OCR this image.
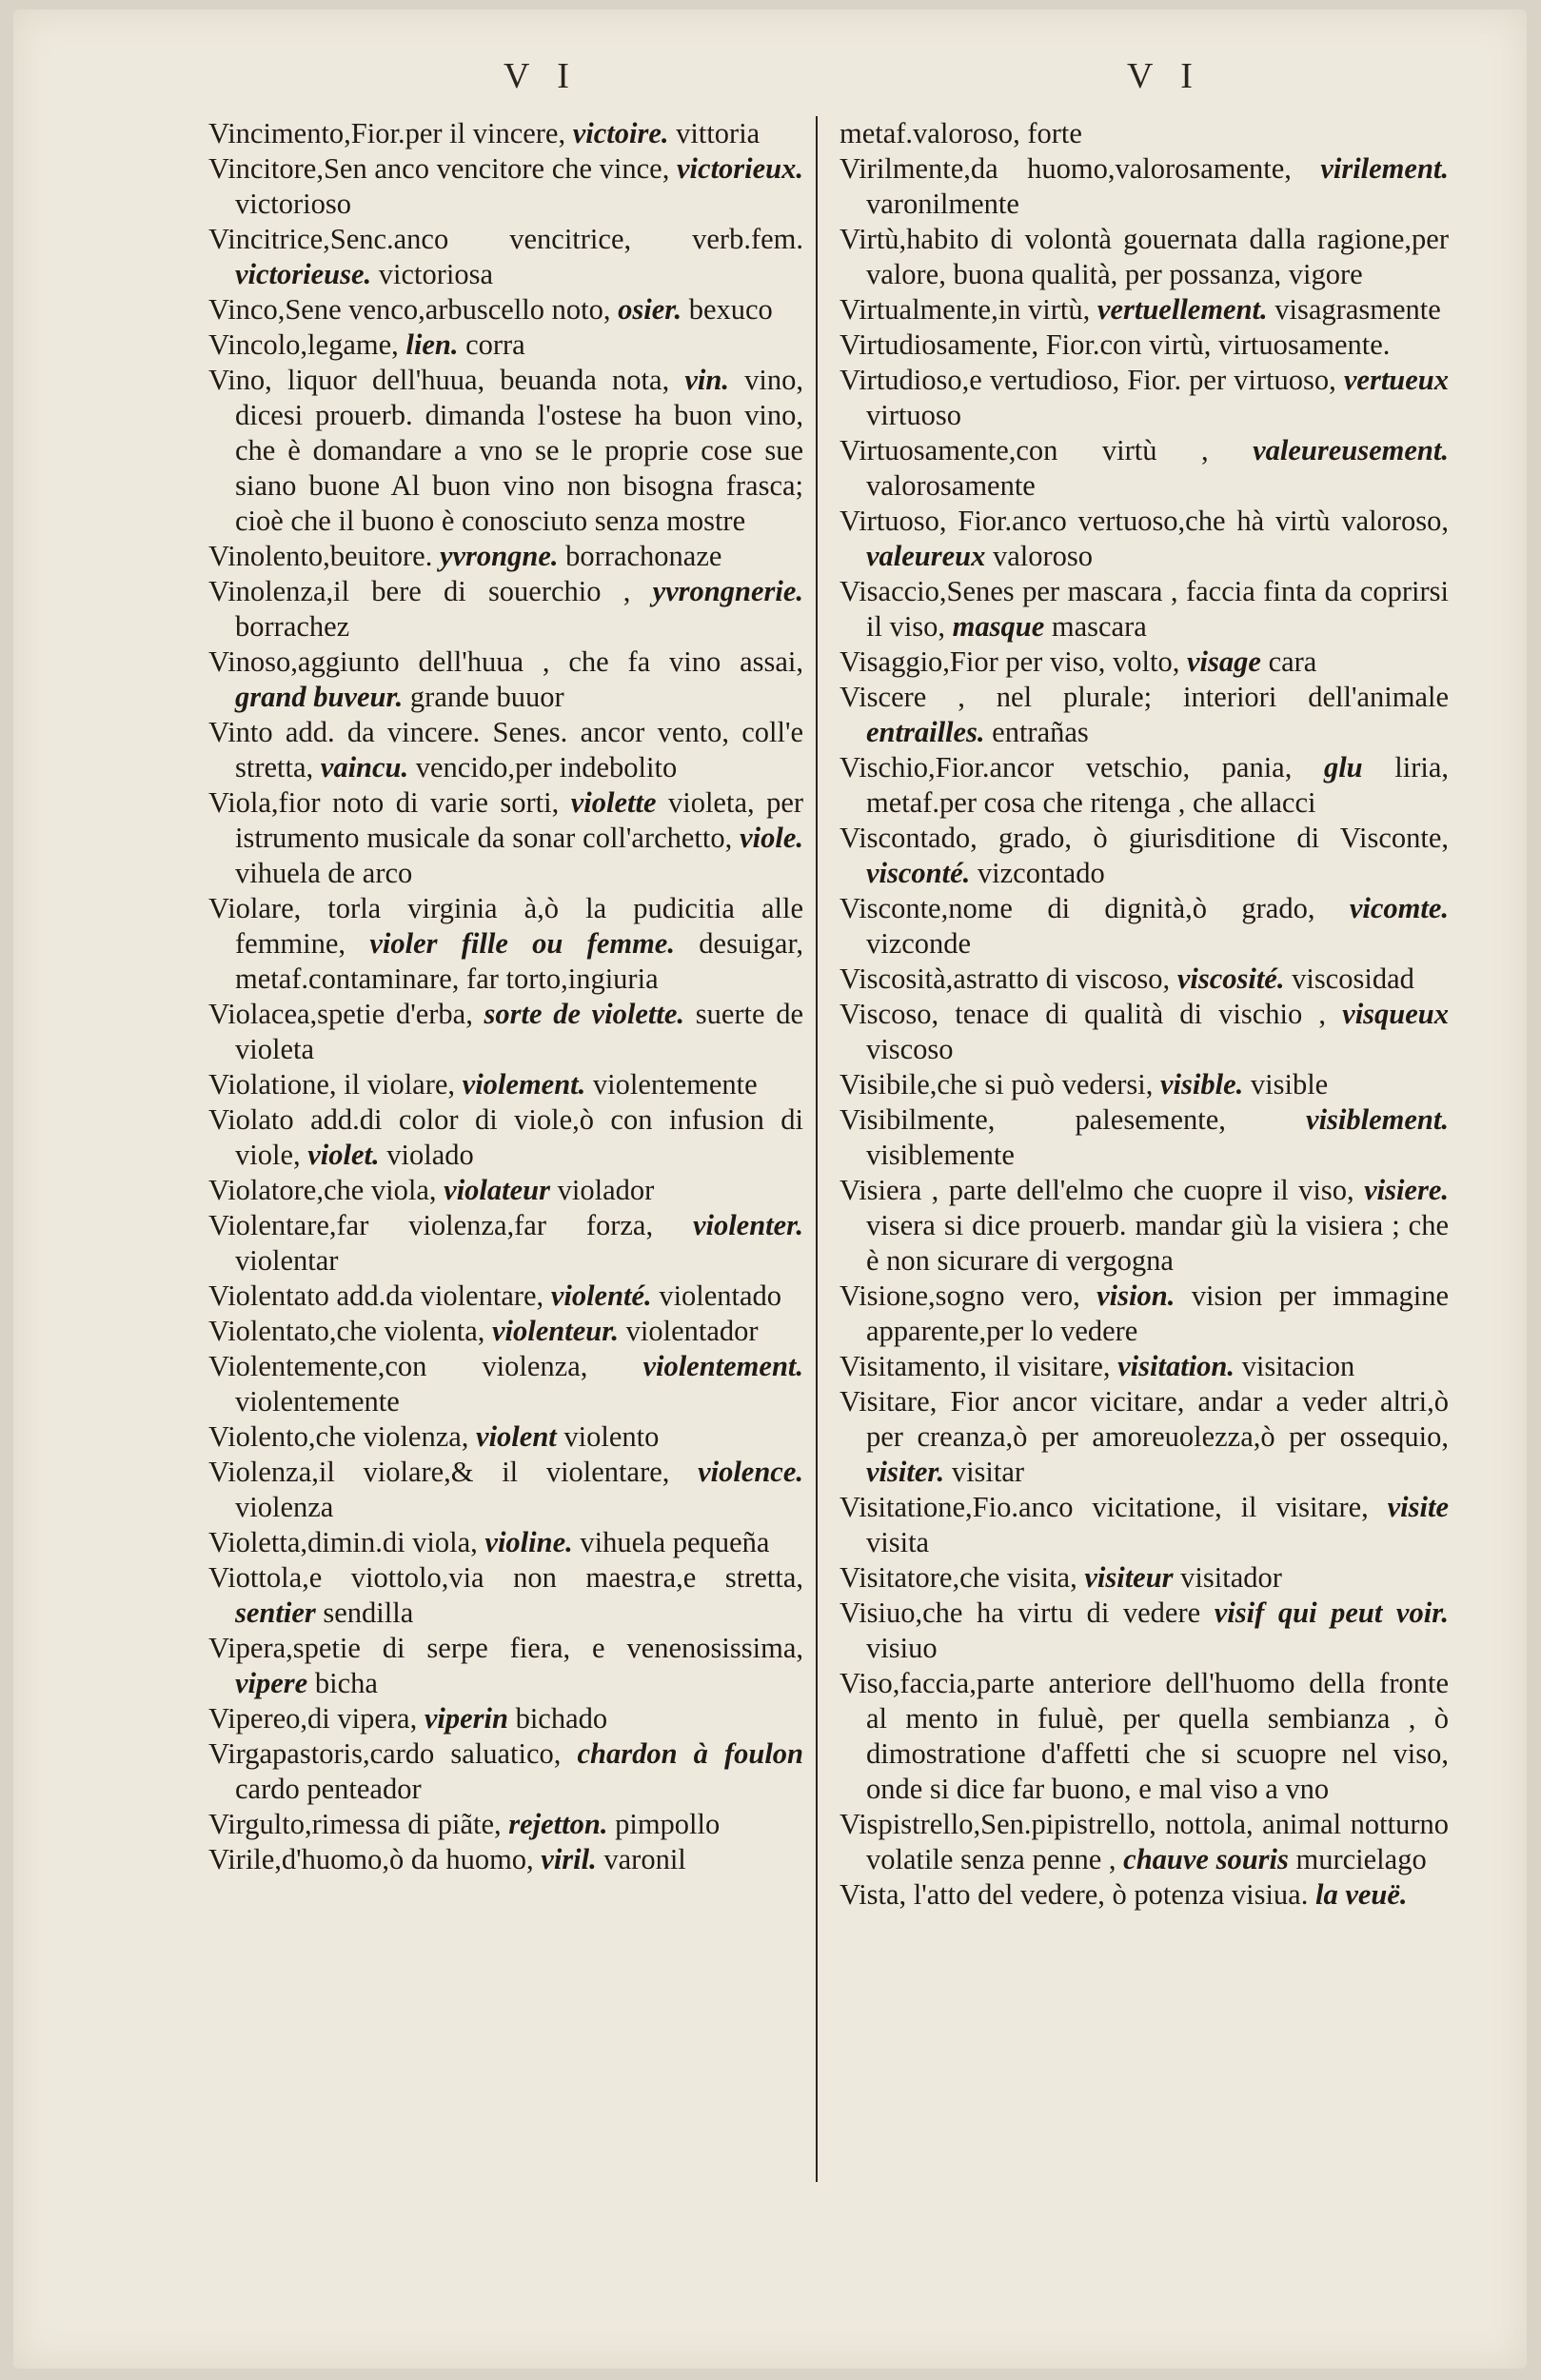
V I	V I
Vincimento,Fior.per il vincere, victoire. vittoria
Vincitore,Sen anco vencitore che vince, victorieux. victorioso
Vincitrice,Senc.anco vencitrice, verb.fem. victorieuse. victoriosa
Vinco,Sene venco,arbuscello noto, osier. bexuco
Vincolo,legame, lien. corra
Vino, liquor dell'huua, beuanda nota, vin. vino, dicesi prouerb. dimanda l'ostese ha buon vino, che è domandare a vno se le proprie cose sue siano buone Al buon vino non bisogna frasca; cioè che il buono è conosciuto senza mostre
Vinolento,beuitore. yvrongne. borrachonaze
Vinolenza,il bere di souerchio , yvrongnerie. borrachez
Vinoso,aggiunto dell'huua , che fa vino assai, grand buveur. grande buuor
Vinto add. da vincere. Senes. ancor vento, coll'e stretta, vaincu. vencido,per indebolito
Viola,fior noto di varie sorti, violette violeta, per istrumento musicale da sonar coll'archetto, viole. vihuela de arco
Violare, torla virginia à,ò la pudicitia alle femmine, violer fille ou femme. desuigar, metaf.contaminare, far torto,ingiuria
Violacea,spetie d'erba, sorte de violette. suerte de violeta
Violatione, il violare, violement. violentemente
Violato add.di color di viole,ò con infusion di viole, violet. violado
Violatore,che viola, violateur violador
Violentare,far violenza,far forza, violenter. violentar
Violentato add.da violentare, violenté. violentado
Violentato,che violenta, violenteur. violentador
Violentemente,con violenza, violentement. violentemente
Violento,che violenza, violent violento
Violenza,il violare,& il violentare, violence. violenza
Violetta,dimin.di viola, violine. vihuela pequeña
Viottola,e viottolo,via non maestra,e stretta, sentier sendilla
Vipera,spetie di serpe fiera, e venenosissima, vipere bicha
Vipereo,di vipera, viperin bichado
Virgapastoris,cardo saluatico, chardon à foulon cardo penteador
Virgulto,rimessa di piãte, rejetton. pimpollo
Virile,d'huomo,ò da huomo, viril. varonil
metaf.valoroso, forte
Virilmente,da huomo,valorosamente, virilement. varonilmente
Virtù,habito di volontà gouernata dalla ragione,per valore, buona qualità, per possanza, vigore
Virtualmente,in virtù, vertuellement. visagrasmente
Virtudiosamente, Fior.con virtù, virtuosamente.
Virtudioso,e vertudioso, Fior. per virtuoso, vertueux virtuoso
Virtuosamente,con virtù , valeureusement. valorosamente
Virtuoso, Fior.anco vertuoso,che hà virtù valoroso, valeureux valoroso
Visaccio,Senes per mascara , faccia finta da coprirsi il viso, masque mascara
Visaggio,Fior per viso, volto, visage cara
Viscere , nel plurale; interiori dell'animale entrailles. entrañas
Vischio,Fior.ancor vetschio, pania, glu liria, metaf.per cosa che ritenga , che allacci
Viscontado, grado, ò giurisditione di Visconte, visconté. vizcontado
Visconte,nome di dignità,ò grado, vicomte. vizconde
Viscosità,astratto di viscoso, viscosité. viscosidad
Viscoso, tenace di qualità di vischio , visqueux viscoso
Visibile,che si può vedersi, visible. visible
Visibilmente, palesemente,	visiblement. visiblemente
Visiera , parte dell'elmo che cuopre il viso, visiere. visera si dice prouerb. mandar giù la visiera ; che è non sicurare di vergogna
Visione,sogno vero, vision. vision per immagine apparente,per lo vedere
Visitamento, il visitare, visitation. visitacion
Visitare, Fior ancor vicitare, andar a veder altri,ò per creanza,ò per amoreuolezza,ò per ossequio, visiter. visitar
Visitatione,Fio.anco vicitatione, il visitare, visite visita
Visitatore,che visita, visiteur visitador
Visiuo,che ha virtu di vedere visif qui peut voir. visiuo
Viso,faccia,parte anteriore dell'huomo della fronte al mento in fuluè, per quella sembianza , ò dimostratione d'affetti che si scuopre nel viso, onde si dice far buono, e mal viso a vno
Vispistrello,Sen.pipistrello, nottola, animal notturno volatile senza penne , chauve souris murcielago
Vista, l'atto del vedere, ò potenza visiua. la veuë.
